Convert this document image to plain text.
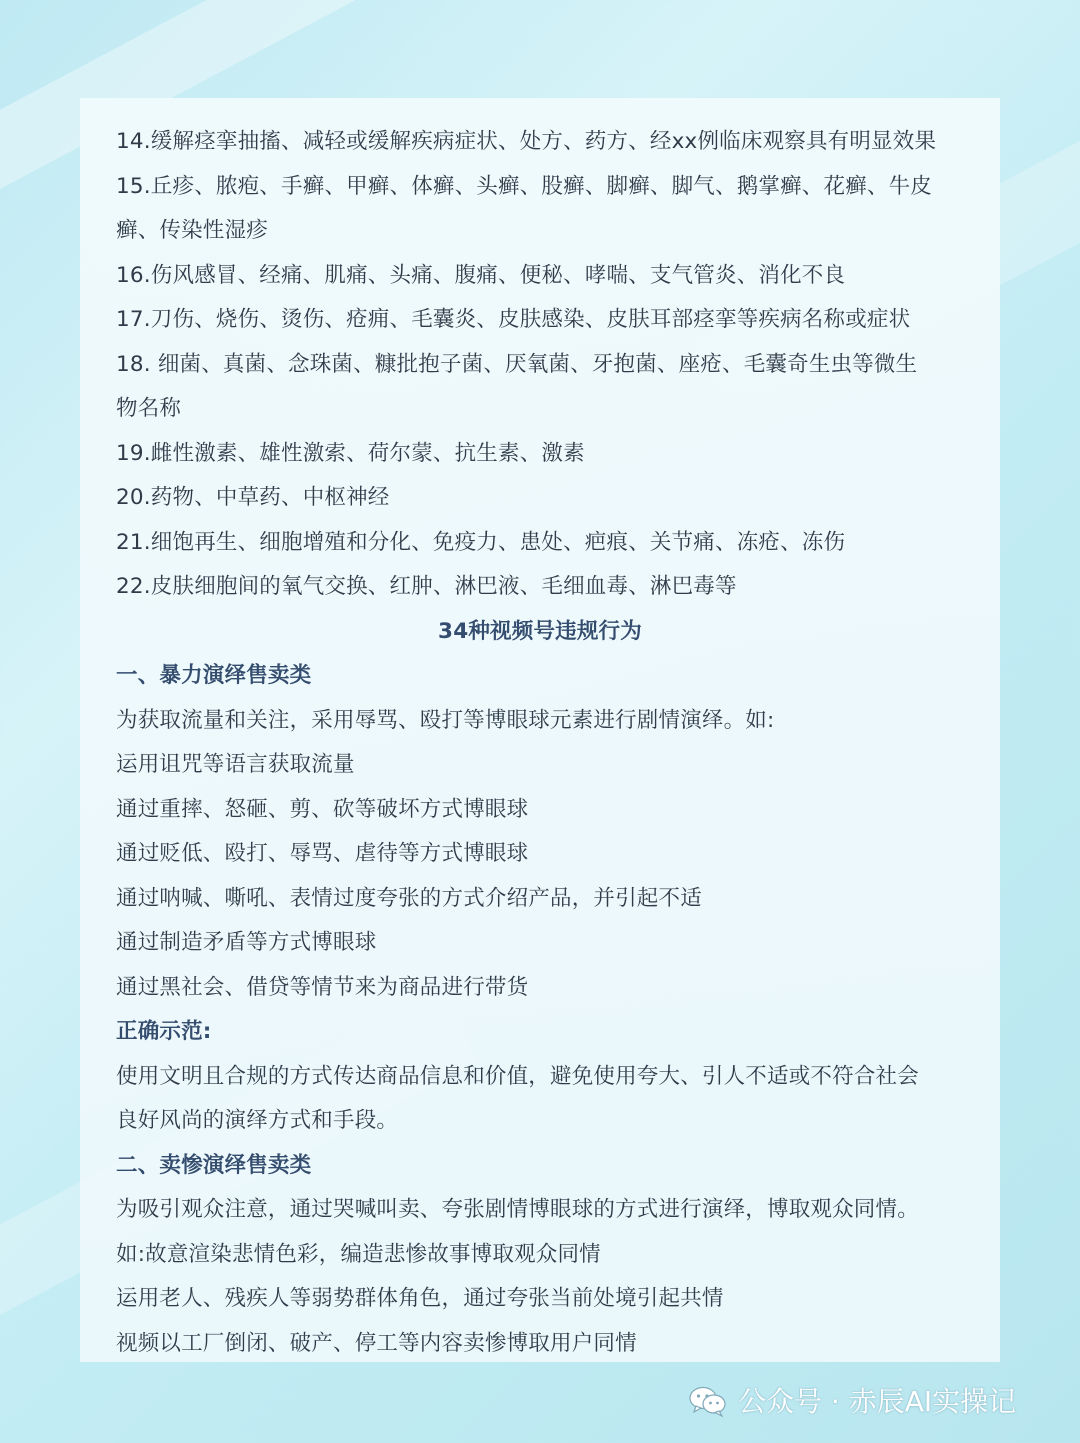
14.缓解痉挛抽搐、减轻或缓解疾病症状、处方、药方、经xx例临床观察具有明显效果
15.丘疹、脓疱、手癣、甲癣、体癣、头癣、股癣、脚癣、脚气、鹅掌癣、花癣、牛皮
癣、传染性湿疹
16.伤风感冒、经痛、肌痛、头痛、腹痛、便秘、哮喘、支气管炎、消化不良
17.刀伤、烧伤、烫伤、疮痈、毛囊炎、皮肤感染、皮肤耳部痉挛等疾病名称或症状
18. 细菌、真菌、念珠菌、糠批抱子菌、厌氧菌、牙抱菌、座疮、毛囊奇生虫等微生
物名称
19.雌性激素、雄性激索、荷尔蒙、抗生素、激素
20.药物、中草药、中枢神经
21.细饱再生、细胞增殖和分化、免疫力、患处、疤痕、关节痛、冻疮、冻伤
22.皮肤细胞间的氧气交换、红肿、淋巴液、毛细血毒、淋巴毒等
34种视频号违规行为
一、暴力演绎售卖类
为获取流量和关注，采用辱骂、殴打等博眼球元素进行剧情演绎。如:
运用诅咒等语言获取流量
通过重摔、怒砸、剪、砍等破坏方式博眼球
通过贬低、殴打、辱骂、虐待等方式博眼球
通过呐喊、嘶吼、表情过度夸张的方式介绍产品，并引起不适
通过制造矛盾等方式博眼球
通过黑社会、借贷等情节来为商品进行带货
正确示范:
使用文明且合规的方式传达商品信息和价值，避免使用夸大、引人不适或不符合社会
良好风尚的演绎方式和手段。
二、卖惨演绎售卖类
为吸引观众注意，通过哭喊叫卖、夸张剧情博眼球的方式进行演绎，博取观众同情。
如:故意渲染悲情色彩，编造悲惨故事博取观众同情
运用老人、残疾人等弱势群体角色，通过夸张当前处境引起共情
视频以工厂倒闭、破产、停工等内容卖惨博取用户同情
公众号 · 赤辰AI实操记
